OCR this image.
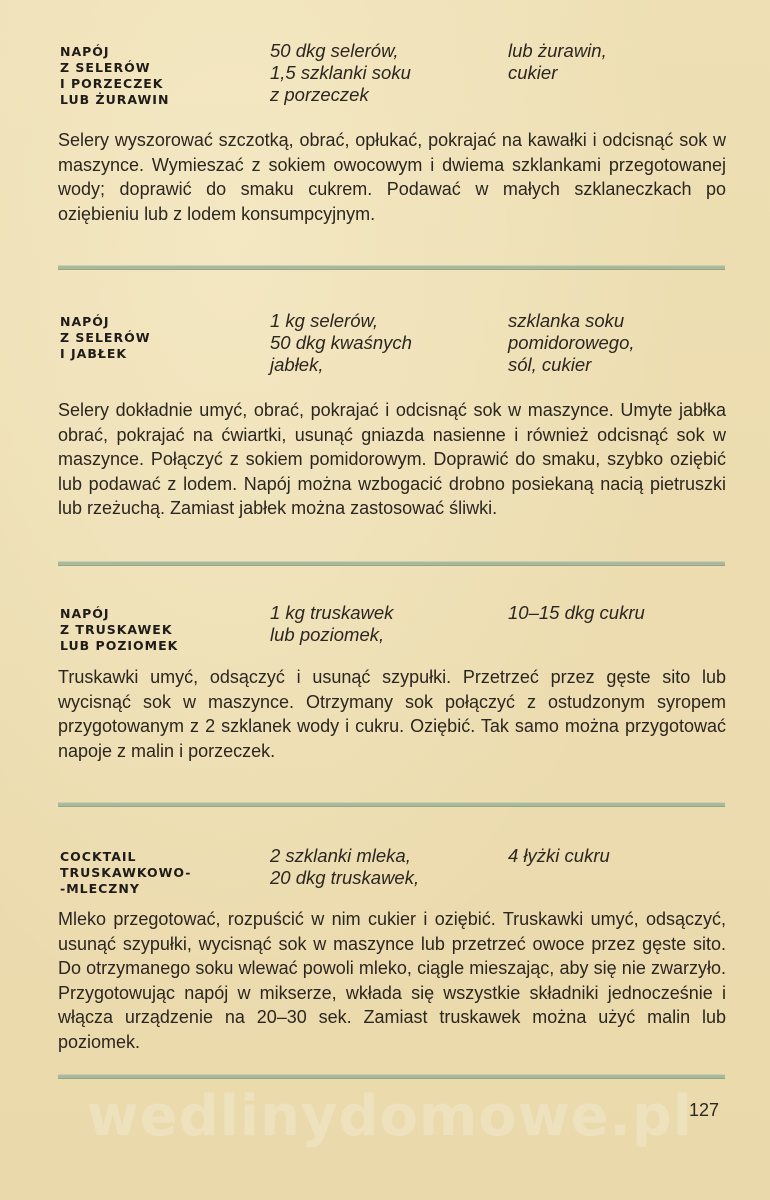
NAPÓJ
Z SELERÓW
I PORZECZEK
LUB ŻURAWIN
50 dkg selerów,
1,5 szklanki soku
z porzeczek
lub żurawin,
cukier
Selery wyszorować szczotką, obrać, opłukać, pokrajać na kawałki i odcisnąć sok w maszynce. Wymieszać z sokiem owocowym i dwiema szklankami przegotowanej wody; doprawić do smaku cukrem. Podawać w małych szklaneczkach po oziębieniu lub z lodem konsumpcyjnym.
NAPÓJ
Z SELERÓW
I JABŁEK
1 kg selerów,
50 dkg kwaśnych
jabłek,
szklanka soku
pomidorowego,
sól, cukier
Selery dokładnie umyć, obrać, pokrajać i odcisnąć sok w maszynce. Umyte jabłka obrać, pokrajać na ćwiartki, usunąć gniazda nasienne i również odcisnąć sok w maszynce. Połączyć z sokiem pomidorowym. Doprawić do smaku, szybko oziębić lub podawać z lodem. Napój można wzbogacić drobno posiekaną nacią pietruszki lub rzeżuchą. Zamiast jabłek można zastosować śliwki.
NAPÓJ
Z TRUSKAWEK
LUB POZIOMEK
1 kg truskawek
lub poziomek,
10–15 dkg cukru
Truskawki umyć, odsączyć i usunąć szypułki. Przetrzeć przez gęste sito lub wycisnąć sok w maszynce. Otrzymany sok połączyć z ostudzonym syropem przygotowanym z 2 szklanek wody i cukru. Oziębić. Tak samo można przygotować napoje z malin i porzeczek.
COCKTAIL
TRUSKAWKOWO-
-MLECZNY
2 szklanki mleka,
20 dkg truskawek,
4 łyżki cukru
Mleko przegotować, rozpuścić w nim cukier i oziębić. Truskawki umyć, odsączyć, usunąć szypułki, wycisnąć sok w maszynce lub przetrzeć owoce przez gęste sito. Do otrzymanego soku wlewać powoli mleko, ciągle mieszając, aby się nie zwarzyło. Przygotowując napój w mikserze, wkłada się wszystkie składniki jednocześnie i włącza urządzenie na 20–30 sek. Zamiast truskawek można użyć malin lub poziomek.
wedlinydomowe.pl
127
